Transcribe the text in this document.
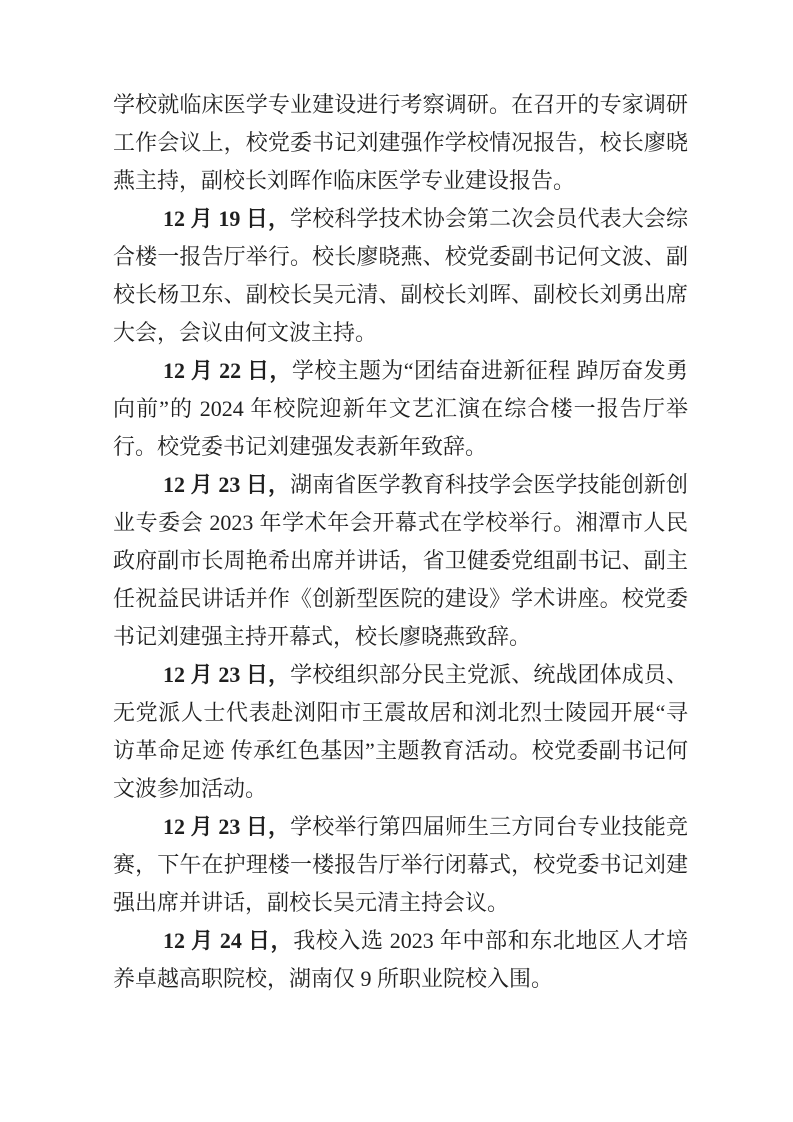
学校就临床医学专业建设进行考察调研。在召开的专家调研工作会议上，校党委书记刘建强作学校情况报告，校长廖晓燕主持，副校长刘晖作临床医学专业建设报告。

12 月 19 日，学校科学技术协会第二次会员代表大会综合楼一报告厅举行。校长廖晓燕、校党委副书记何文波、副校长杨卫东、副校长吴元清、副校长刘晖、副校长刘勇出席大会，会议由何文波主持。

12 月 22 日，学校主题为“团结奋进新征程 踔厉奋发勇向前”的 2024 年校院迎新年文艺汇演在综合楼一报告厅举行。校党委书记刘建强发表新年致辞。

12 月 23 日，湖南省医学教育科技学会医学技能创新创业专委会 2023 年学术年会开幕式在学校举行。湘潭市人民政府副市长周艳希出席并讲话，省卫健委党组副书记、副主任祝益民讲话并作《创新型医院的建设》学术讲座。校党委书记刘建强主持开幕式，校长廖晓燕致辞。

12 月 23 日，学校组织部分民主党派、统战团体成员、无党派人士代表赴浏阳市王震故居和浏北烈士陵园开展“寻访革命足迹 传承红色基因”主题教育活动。校党委副书记何文波参加活动。

12 月 23 日，学校举行第四届师生三方同台专业技能竞赛，下午在护理楼一楼报告厅举行闭幕式，校党委书记刘建强出席并讲话，副校长吴元清主持会议。

12 月 24 日，我校入选 2023 年中部和东北地区人才培养卓越高职院校，湖南仅 9 所职业院校入围。
